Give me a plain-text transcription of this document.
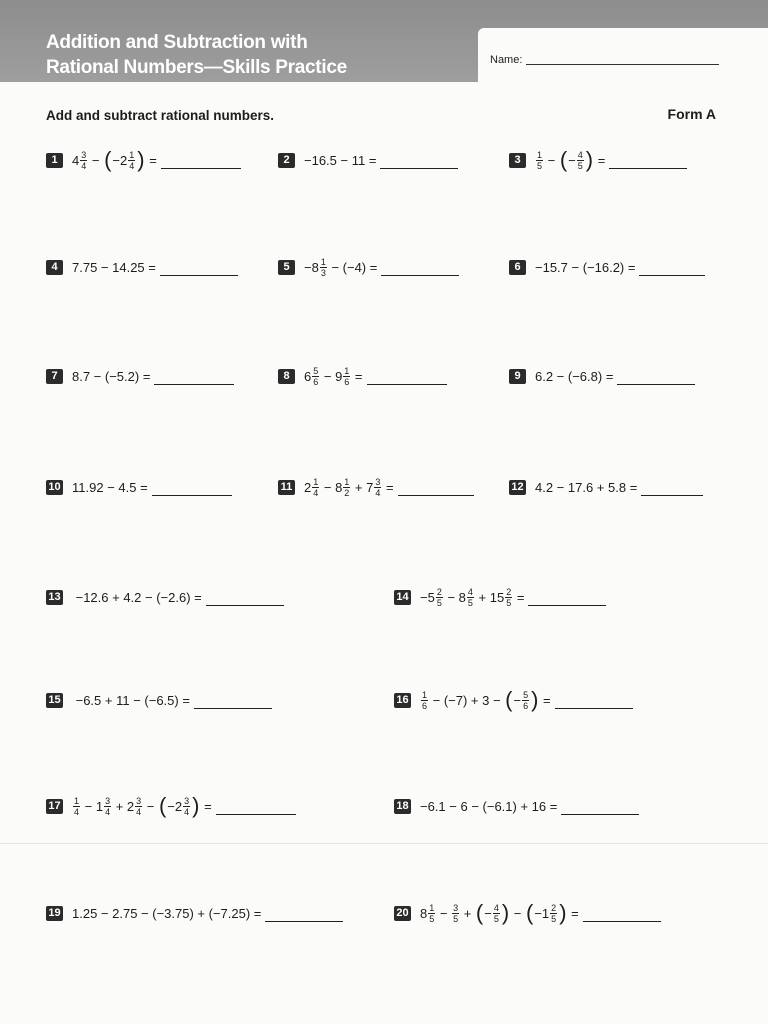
Addition and Subtraction with
Rational Numbers—Skills Practice	Name:
Add and subtract rational numbers.	Form A
1	$4 \frac{3}{4}$ − ( $-2 \frac{1}{4}$ ) =	2	−16.5 − 11 =	3	$\frac{1}{5}$ − ( − $\frac{4}{5}$ ) =
4	7.75 − 14.25 =	5	$-8 \frac{1}{3} - (-4)$ =	6	−15.7 − (−16.2) =
7	8.7 − (−5.2) =	8	$6 \frac{5}{6} - 9 \frac{1}{6}$ =	9	6.2 − (−6.8) =
10 11.92 − 4.5 =	11 $2 \frac{1}{4} - 8 \frac{1}{2} + 7 \frac{3}{4}$ =	12 4.2 − 17.6 + 5.8 =
13 −12.6 + 4.2 − (−2.6) =	$14 -5 \frac{2}{5} - 8 \frac{4}{5} + 15 \frac{2}{5}$ =
15 −6.5 + 11 − (−6.5) =	$16 \frac{1}{6} - (-7) + 3$ − ( − $\frac{5}{6}$ ) =
$17 \frac{1}{4} - 1 \frac{3}{4} + 2 \frac{3}{4}$ − ( $-2 \frac{3}{4}$ ) =	18 −6.1 − 6 − (−6.1) + 16 =
19 1.25 − 2.75 − (−3.75) + (−7.25) =	20 $8 \frac{1}{5} - \frac{3}{5}$ + ( − $\frac{4}{5}$ ) − ( $-1 \frac{2}{5}$ ) =
